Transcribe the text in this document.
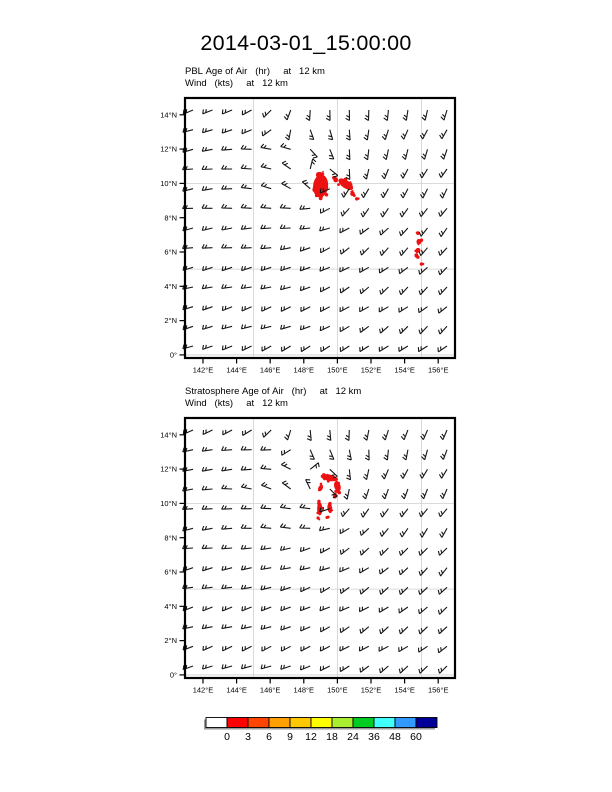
2014-03-01_15:00:00
PBL Age of Air   (hr)     at   12 km
Wind   (kts)     at   12 km
142°E 144°E 146°E 148°E 150°E 152°E 154°E 156°E
0°
2°N
4°N
6°N
8°N
10°N
12°N
14°N
Stratosphere Age of Air   (hr)     at   12 km
Wind   (kts)     at   12 km
142°E 144°E 146°E 148°E 150°E 152°E 154°E 156°E
0°
2°N
4°N
6°N
8°N
10°N
12°N
14°N
0 3 6 9 12 18 24 36 48 60
